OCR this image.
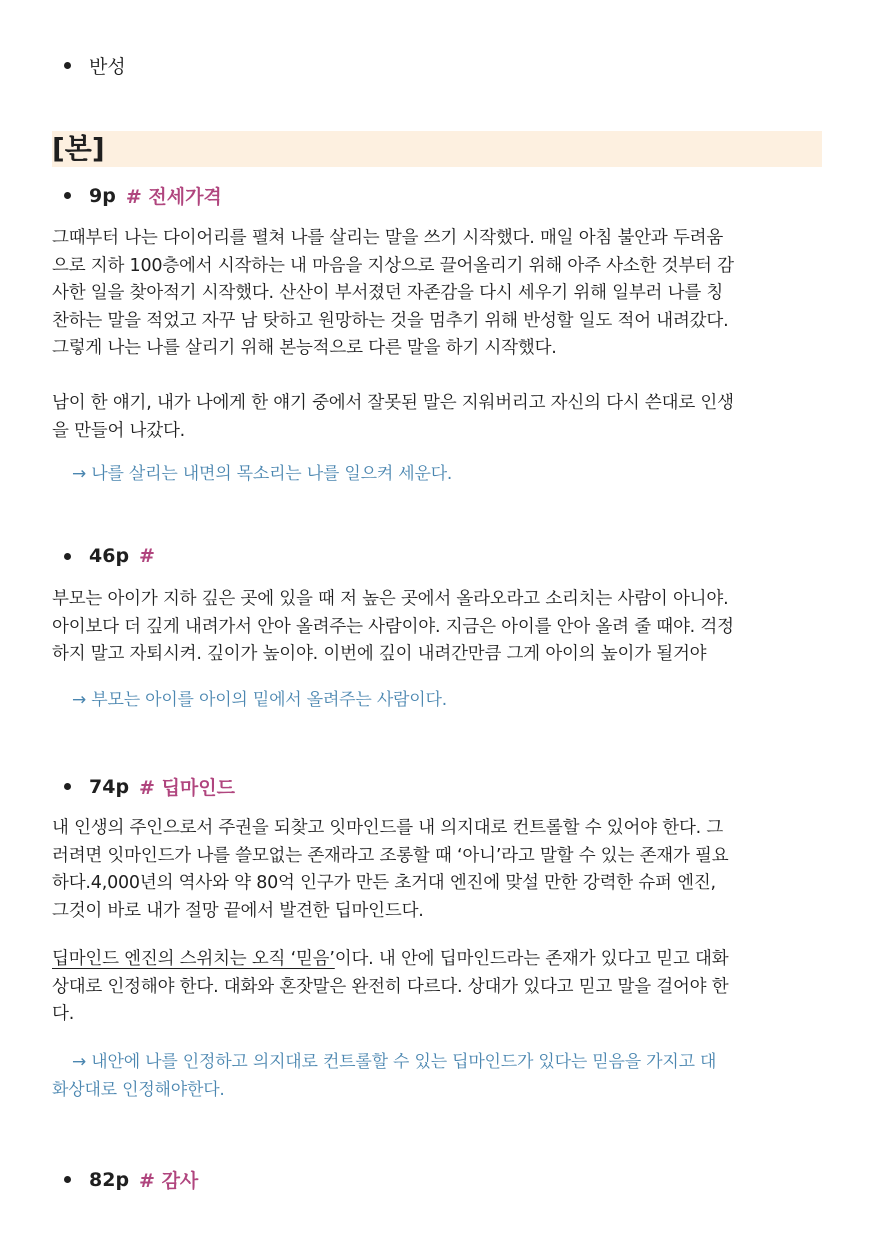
반성
[본]
9p # 전세가격
그때부터 나는 다이어리를 펼쳐 나를 살리는 말을 쓰기 시작했다. 매일 아침 불안과 두려움
으로 지하 100층에서 시작하는 내 마음을 지상으로 끌어올리기 위해 아주 사소한 것부터 감
사한 일을 찾아적기 시작했다. 산산이 부서졌던 자존감을 다시 세우기 위해 일부러 나를 칭
찬하는 말을 적었고 자꾸 남 탓하고 원망하는 것을 멈추기 위해 반성할 일도 적어 내려갔다.
그렇게 나는 나를 살리기 위해 본능적으로 다른 말을 하기 시작했다.
남이 한 얘기, 내가 나에게 한 얘기 중에서 잘못된 말은 지워버리고 자신의 다시 쓴대로 인생
을 만들어 나갔다.
→ 나를 살리는 내면의 목소리는 나를 일으켜 세운다.
46p #
부모는 아이가 지하 깊은 곳에 있을 때 저 높은 곳에서 올라오라고 소리치는 사람이 아니야.
아이보다 더 깊게 내려가서 안아 올려주는 사람이야. 지금은 아이를 안아 올려 줄 때야. 걱정
하지 말고 자퇴시켜. 깊이가 높이야. 이번에 깊이 내려간만큼 그게 아이의 높이가 될거야
→ 부모는 아이를 아이의 밑에서 올려주는 사람이다.
74p # 딥마인드
내 인생의 주인으로서 주권을 되찾고 잇마인드를 내 의지대로 컨트롤할 수 있어야 한다. 그
러려면 잇마인드가 나를 쓸모없는 존재라고 조롱할 때 ‘아니’라고 말할 수 있는 존재가 필요
하다.4,000년의 역사와 약 80억 인구가 만든 초거대 엔진에 맞설 만한 강력한 슈퍼 엔진,
그것이 바로 내가 절망 끝에서 발견한 딥마인드다.
딥마인드 엔진의 스위치는 오직 ‘믿음’이다. 내 안에 딥마인드라는 존재가 있다고 믿고 대화
상대로 인정해야 한다. 대화와 혼잣말은 완전히 다르다. 상대가 있다고 믿고 말을 걸어야 한
다.
→ 내안에 나를 인정하고 의지대로 컨트롤할 수 있는 딥마인드가 있다는 믿음을 가지고 대
화상대로 인정해야한다.
82p # 감사
